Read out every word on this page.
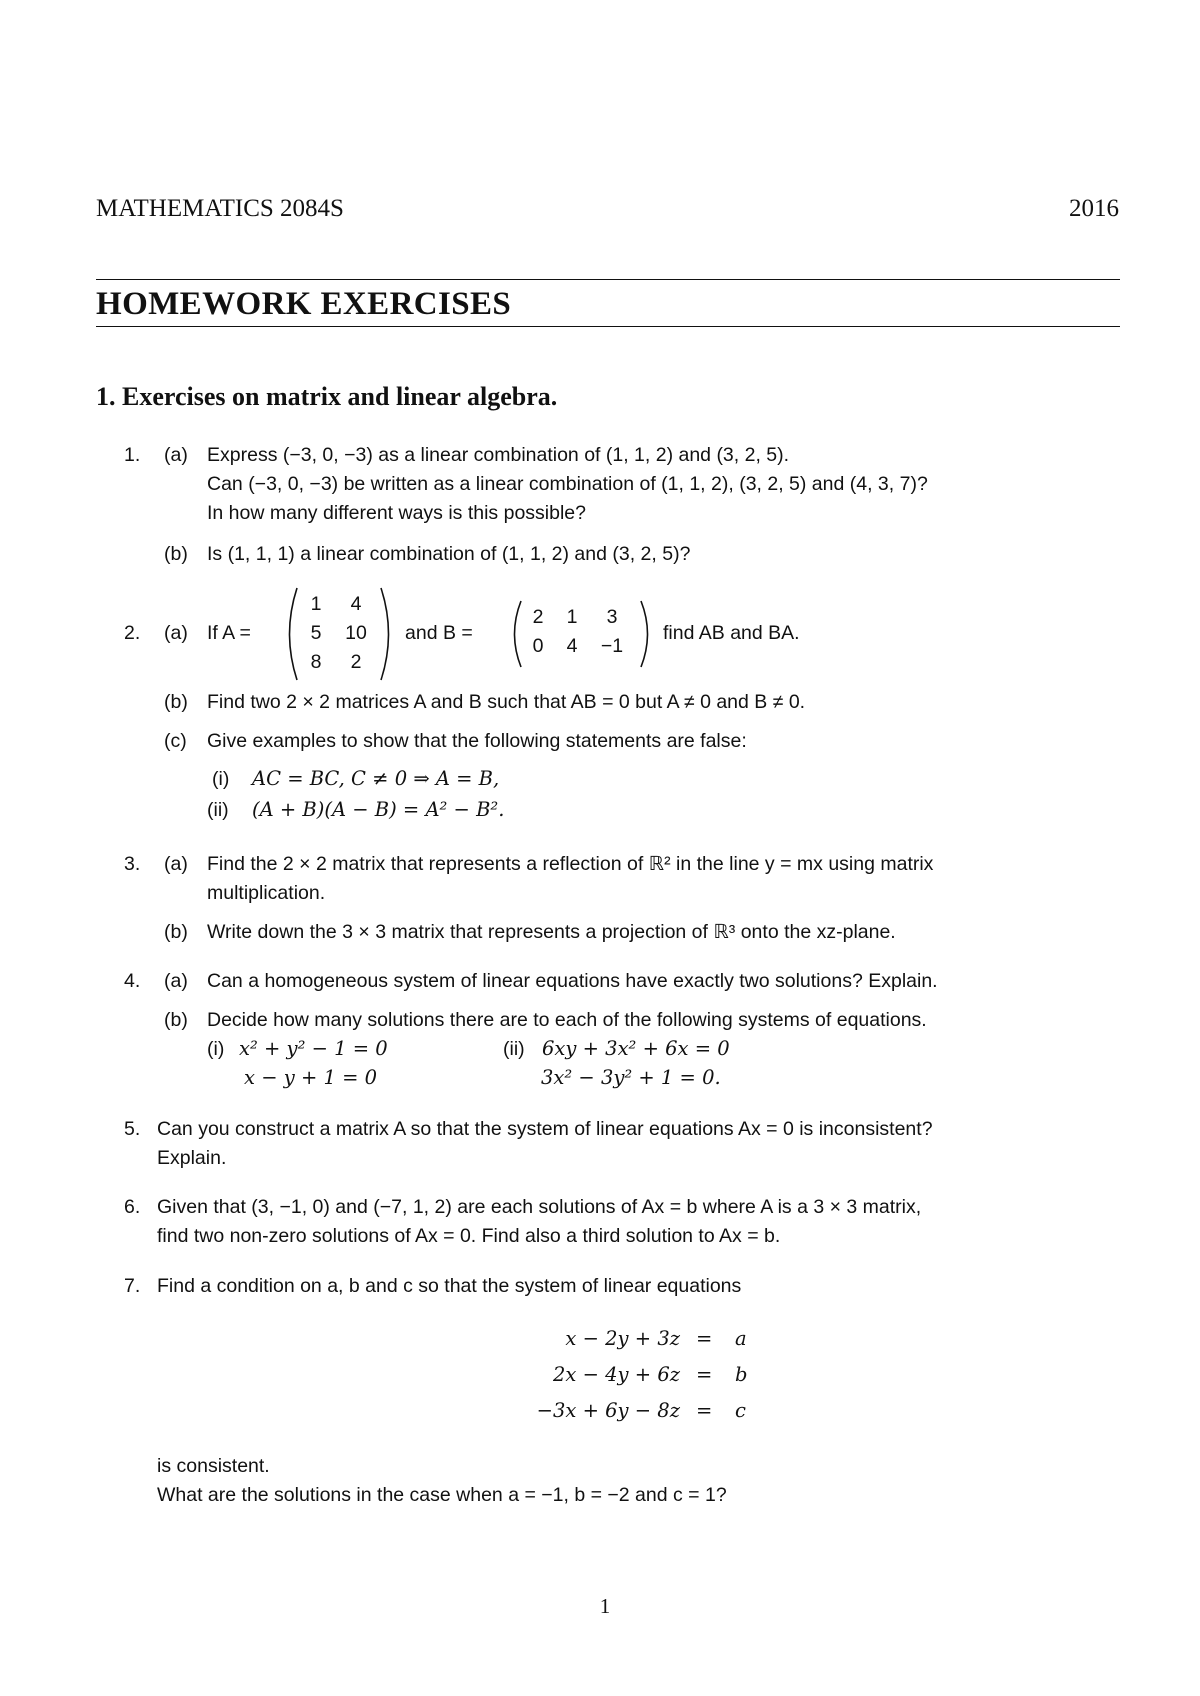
MATHEMATICS 2084S	2016
HOMEWORK EXERCISES
1. Exercises on matrix and linear algebra.
1. (a) Express (−3, 0, −3) as a linear combination of (1, 1, 2) and (3, 2, 5).
Can (−3, 0, −3) be written as a linear combination of (1, 1, 2), (3, 2, 5) and (4, 3, 7)?
In how many different ways is this possible?
(b) Is (1, 1, 1) a linear combination of (1, 1, 2) and (3, 2, 5)?
2. (a) If A =
1	4
5	10
8	2
and B =
2	1	3
0	4	−1
find AB and BA.
(b) Find two 2 × 2 matrices A and B such that AB = 0 but A ≠ 0 and B ≠ 0.
(c) Give examples to show that the following statements are false:
(i) AC = BC, C ≠ 0 ⇒ A = B,
(ii) (A + B)(A − B) = A² − B².
3. (a) Find the 2 × 2 matrix that represents a reflection of ℝ² in the line y = mx using matrix
multiplication.
(b) Write down the 3 × 3 matrix that represents a projection of ℝ³ onto the xz-plane.
4. (a) Can a homogeneous system of linear equations have exactly two solutions? Explain.
(b) Decide how many solutions there are to each of the following systems of equations.
(i) x² + y² − 1 = 0
x − y + 1 = 0
(ii) 6xy + 3x² + 6x = 0
3x² − 3y² + 1 = 0.
5. Can you construct a matrix A so that the system of linear equations Ax = 0 is inconsistent?
Explain.
6. Given that (3, −1, 0) and (−7, 1, 2) are each solutions of Ax = b where A is a 3 × 3 matrix,
find two non-zero solutions of Ax = 0. Find also a third solution to Ax = b.
7. Find a condition on a, b and c so that the system of linear equations
x − 2y + 3z = a
2x − 4y + 6z = b
−3x + 6y − 8z = c
is consistent.
What are the solutions in the case when a = −1, b = −2 and c = 1?
1
